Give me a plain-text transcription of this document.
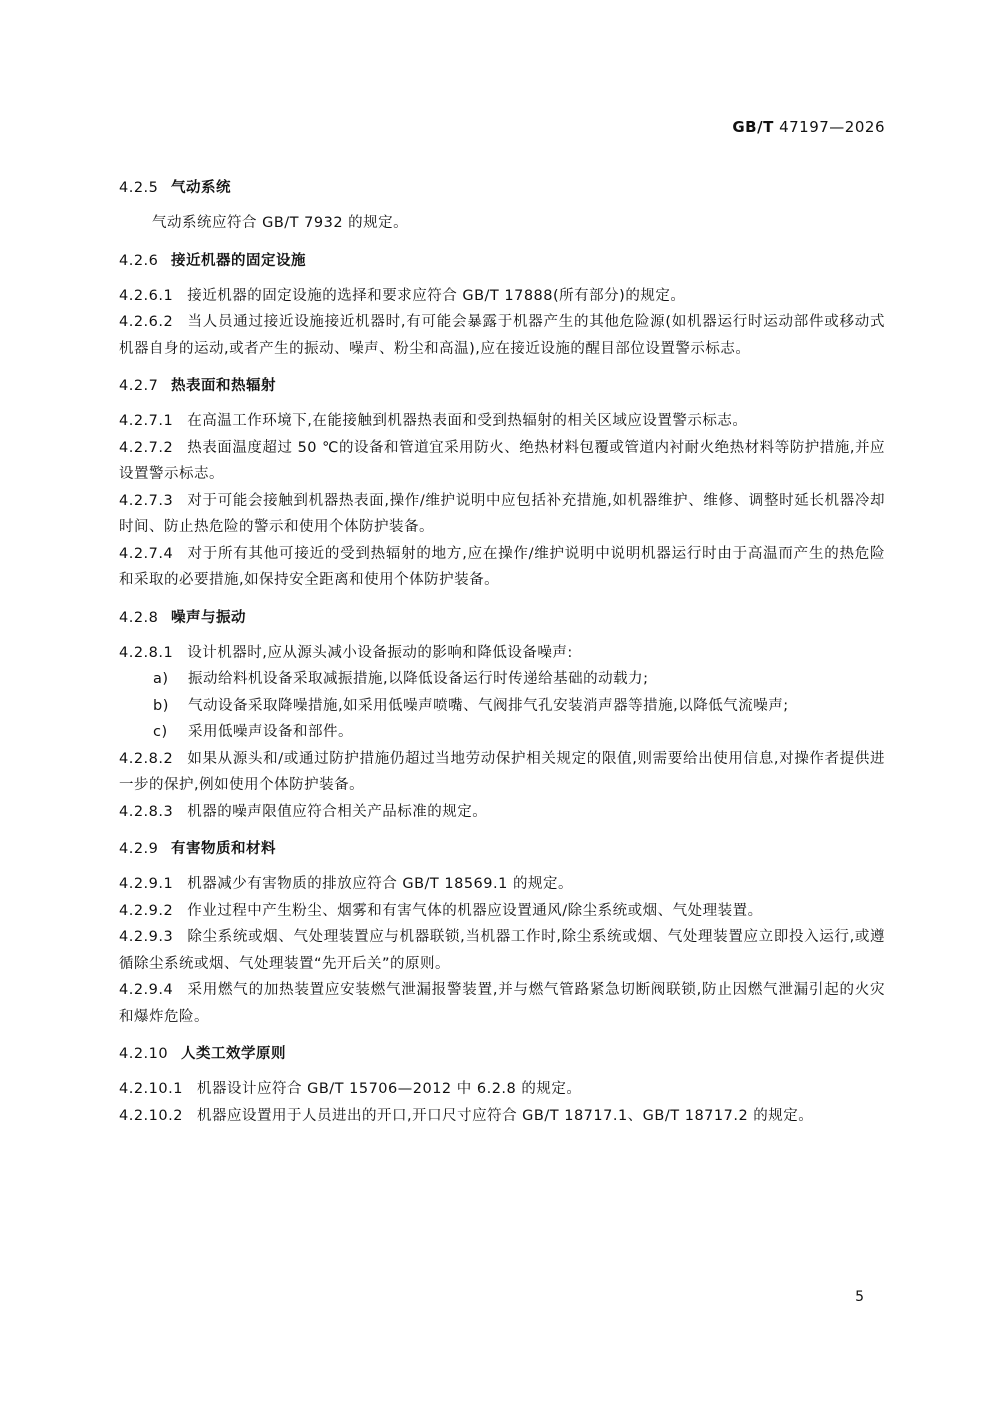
GB/T 47197—2026

4.2.5 气动系统

气动系统应符合 GB/T 7932 的规定。

4.2.6 接近机器的固定设施

4.2.6.1 接近机器的固定设施的选择和要求应符合 GB/T 17888(所有部分)的规定。

4.2.6.2 当人员通过接近设施接近机器时,有可能会暴露于机器产生的其他危险源(如机器运行时运动部件或移动式机器自身的运动,或者产生的振动、噪声、粉尘和高温),应在接近设施的醒目部位设置警示标志。

4.2.7 热表面和热辐射

4.2.7.1 在高温工作环境下,在能接触到机器热表面和受到热辐射的相关区域应设置警示标志。

4.2.7.2 热表面温度超过 50 ℃的设备和管道宜采用防火、绝热材料包覆或管道内衬耐火绝热材料等防护措施,并应设置警示标志。

4.2.7.3 对于可能会接触到机器热表面,操作/维护说明中应包括补充措施,如机器维护、维修、调整时延长机器冷却时间、防止热危险的警示和使用个体防护装备。

4.2.7.4 对于所有其他可接近的受到热辐射的地方,应在操作/维护说明中说明机器运行时由于高温而产生的热危险和采取的必要措施,如保持安全距离和使用个体防护装备。

4.2.8 噪声与振动

4.2.8.1 设计机器时,应从源头减小设备振动的影响和降低设备噪声:

a) 振动给料机设备采取减振措施,以降低设备运行时传递给基础的动载力;

b) 气动设备采取降噪措施,如采用低噪声喷嘴、气阀排气孔安装消声器等措施,以降低气流噪声;

c) 采用低噪声设备和部件。

4.2.8.2 如果从源头和/或通过防护措施仍超过当地劳动保护相关规定的限值,则需要给出使用信息,对操作者提供进一步的保护,例如使用个体防护装备。

4.2.8.3 机器的噪声限值应符合相关产品标准的规定。

4.2.9 有害物质和材料

4.2.9.1 机器减少有害物质的排放应符合 GB/T 18569.1 的规定。

4.2.9.2 作业过程中产生粉尘、烟雾和有害气体的机器应设置通风/除尘系统或烟、气处理装置。

4.2.9.3 除尘系统或烟、气处理装置应与机器联锁,当机器工作时,除尘系统或烟、气处理装置应立即投入运行,或遵循除尘系统或烟、气处理装置“先开后关”的原则。

4.2.9.4 采用燃气的加热装置应安装燃气泄漏报警装置,并与燃气管路紧急切断阀联锁,防止因燃气泄漏引起的火灾和爆炸危险。

4.2.10 人类工效学原则

4.2.10.1 机器设计应符合 GB/T 15706—2012 中 6.2.8 的规定。

4.2.10.2 机器应设置用于人员进出的开口,开口尺寸应符合 GB/T 18717.1、GB/T 18717.2 的规定。

5
